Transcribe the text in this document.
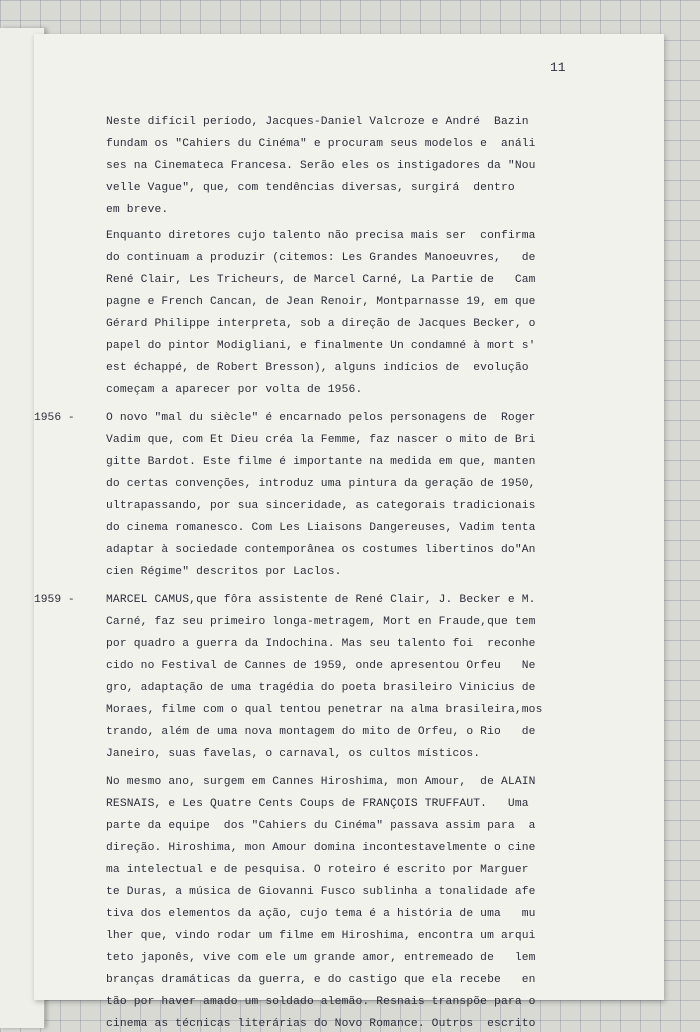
11
Neste difícil período, Jacques-Daniel Valcroze e André  Bazin
fundam os "Cahiers du Cinéma" e procuram seus modelos e  análi
ses na Cinemateca Francesa. Serão eles os instigadores da "Nou
velle Vague", que, com tendências diversas, surgirá  dentro
em breve.
Enquanto diretores cujo talento não precisa mais ser  confirma
do continuam a produzir (citemos: Les Grandes Manoeuvres,   de
René Clair, Les Tricheurs, de Marcel Carné, La Partie de   Cam
pagne e French Cancan, de Jean Renoir, Montparnasse 19, em que
Gérard Philippe interpreta, sob a direção de Jacques Becker, o
papel do pintor Modigliani, e finalmente Un condamné à mort s'
est échappé, de Robert Bresson), alguns indícios de  evolução
começam a aparecer por volta de 1956.
1956 -	O novo "mal du siècle" é encarnado pelos personagens de  Roger
Vadim que, com Et Dieu créa la Femme, faz nascer o mito de Bri
gitte Bardot. Este filme é importante na medida em que, manten
do certas convenções, introduz uma pintura da geração de 1950,
ultrapassando, por sua sinceridade, as categorais tradicionais
do cinema romanesco. Com Les Liaisons Dangereuses, Vadim tenta
adaptar à sociedade contemporânea os costumes libertinos do"An
cien Régime" descritos por Laclos.
1959 -	MARCEL CAMUS,que fôra assistente de René Clair, J. Becker e M.
Carné, faz seu primeiro longa-metragem, Mort en Fraude,que tem
por quadro a guerra da Indochina. Mas seu talento foi  reconhe
cido no Festival de Cannes de 1959, onde apresentou Orfeu   Ne
gro, adaptação de uma tragédia do poeta brasileiro Vinicius de
Moraes, filme com o qual tentou penetrar na alma brasileira,mos
trando, além de uma nova montagem do mito de Orfeu, o Rio   de
Janeiro, suas favelas, o carnaval, os cultos místicos.
No mesmo ano, surgem em Cannes Hiroshima, mon Amour,  de ALAIN
RESNAIS, e Les Quatre Cents Coups de FRANÇOIS TRUFFAUT.   Uma
parte da equipe  dos "Cahiers du Cinéma" passava assim para  a
direção. Hiroshima, mon Amour domina incontestavelmente o cine
ma intelectual e de pesquisa. O roteiro é escrito por Marguer
te Duras, a música de Giovanni Fusco sublinha a tonalidade afe
tiva dos elementos da ação, cujo tema é a história de uma   mu
lher que, vindo rodar um filme em Hiroshima, encontra um arqui
teto japonês, vive com ele um grande amor, entremeado de   lem
branças dramáticas da guerra, e do castigo que ela recebe   en
tão por haver amado um soldado alemão. Resnais transpõe para o
cinema as técnicas literárias do Novo Romance. Outros  escrito
